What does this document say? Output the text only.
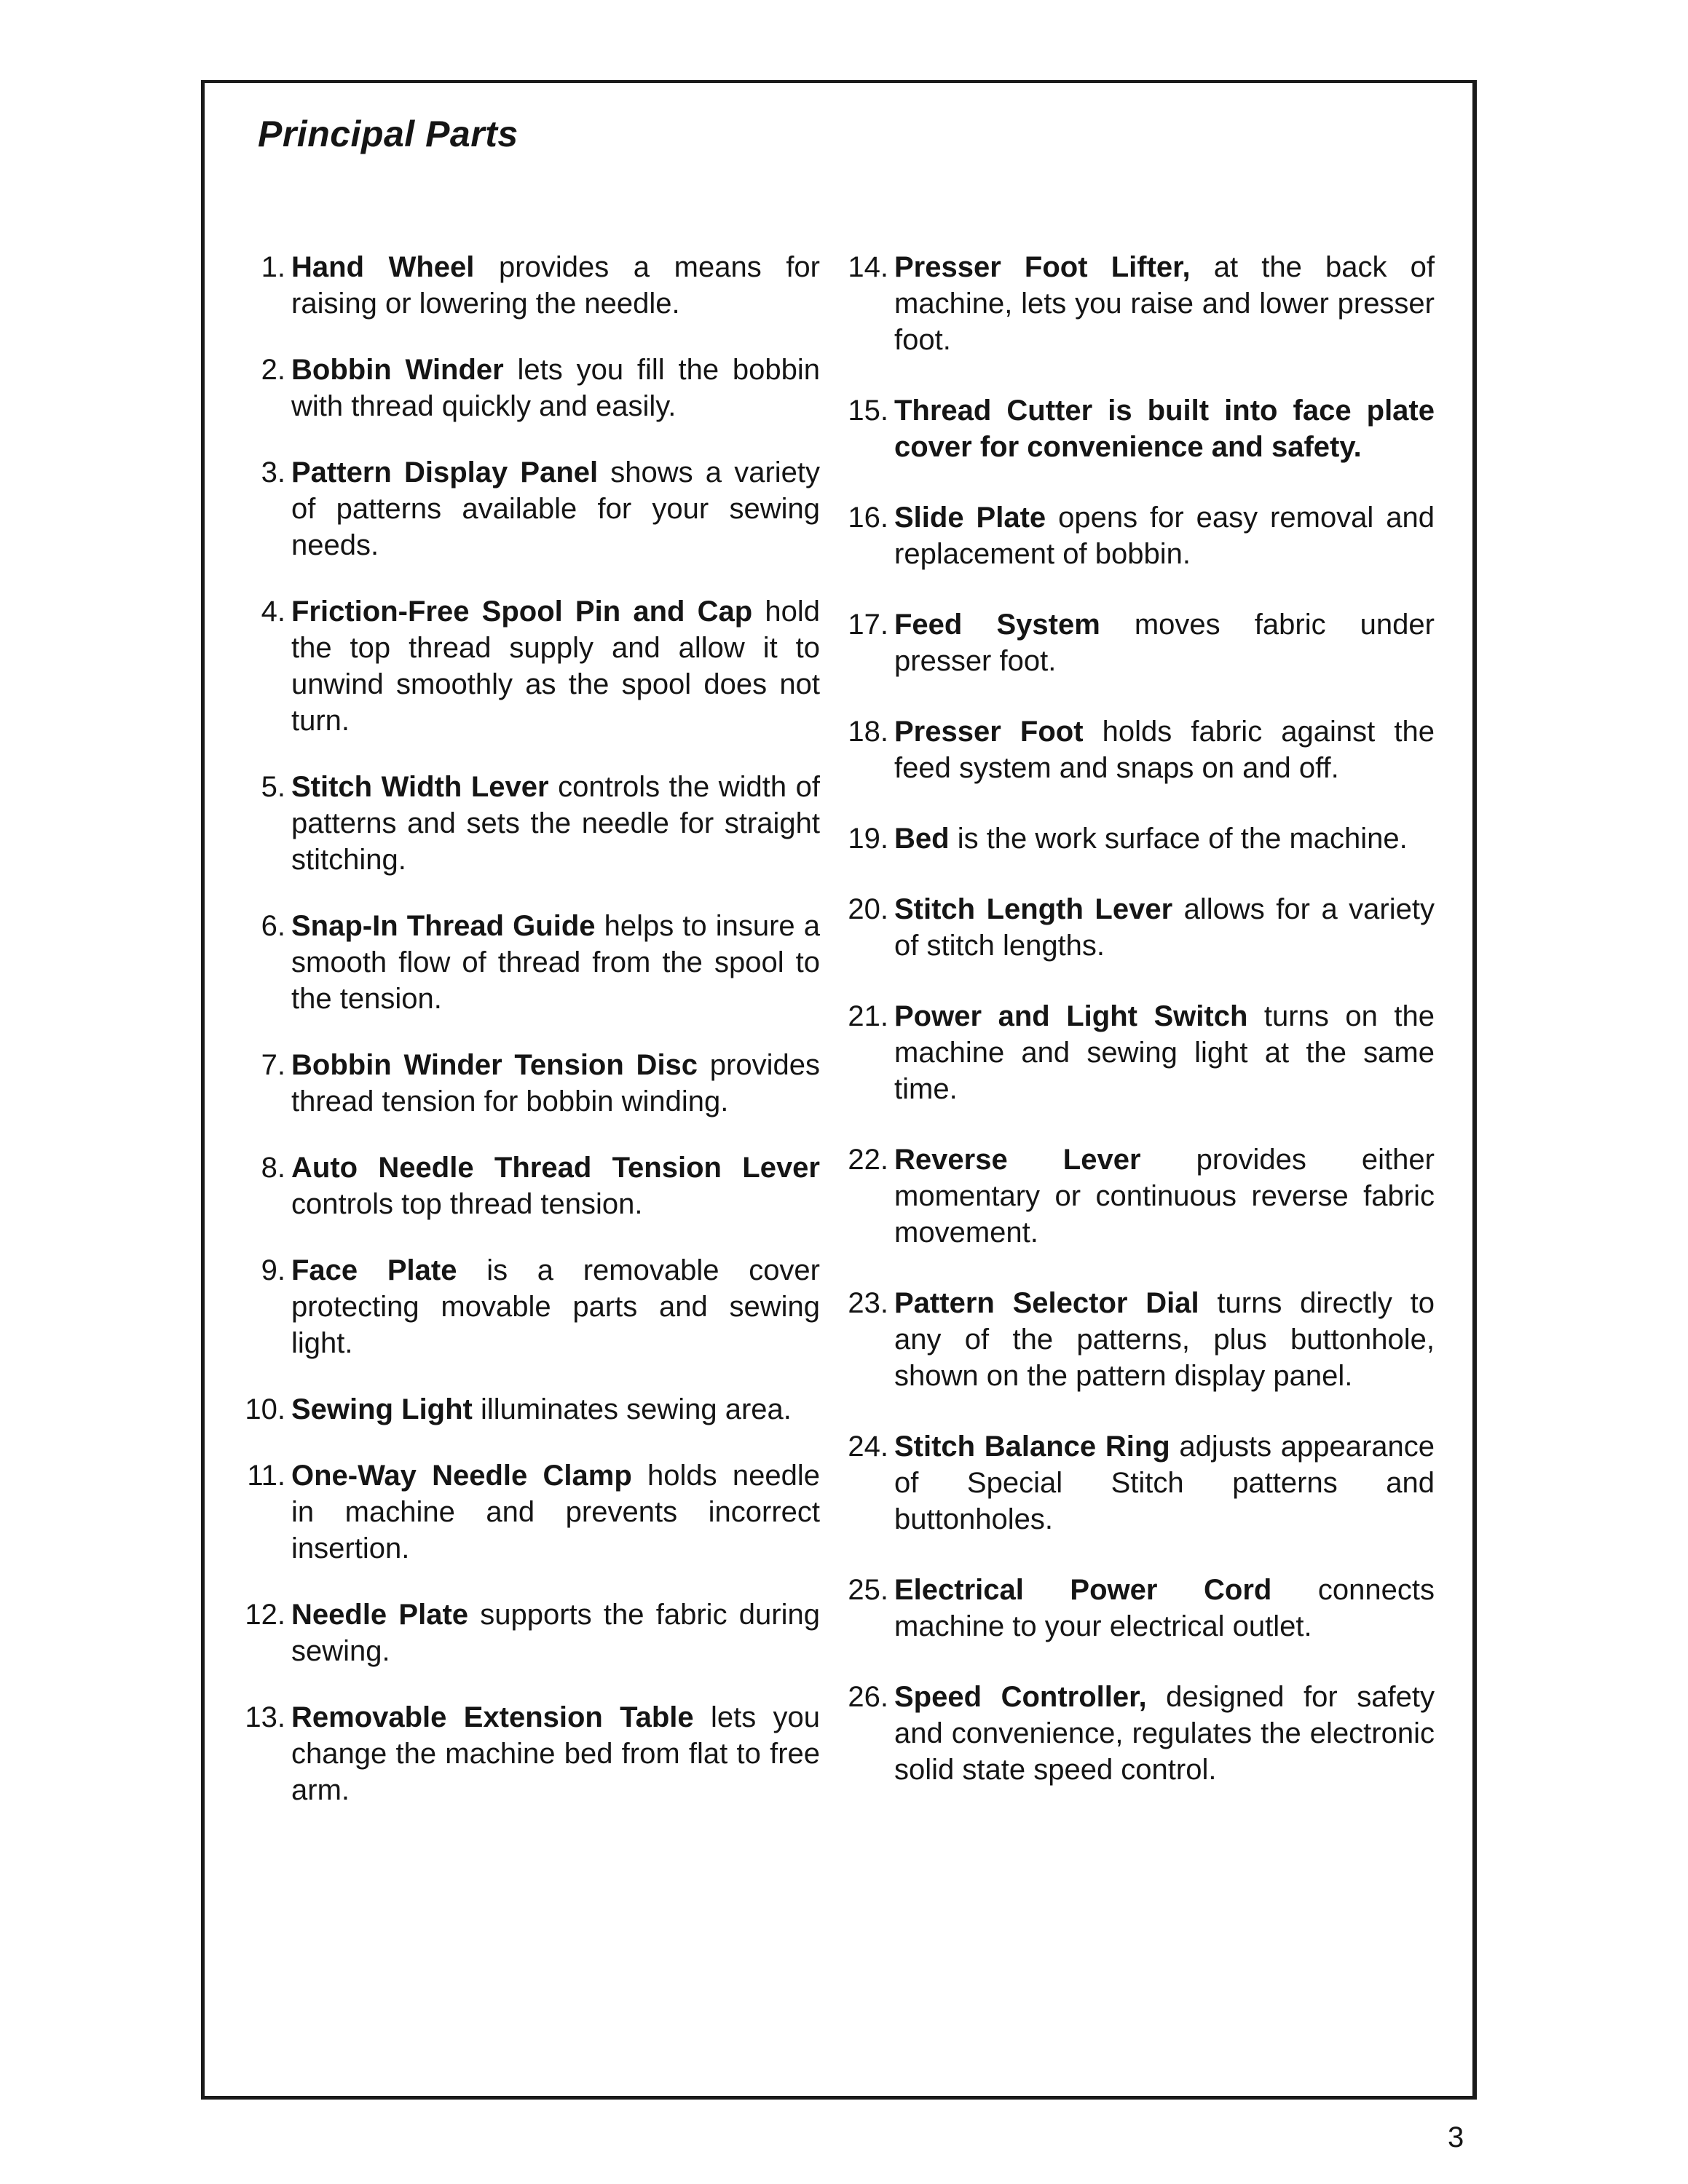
Principal Parts
1. Hand Wheel provides a means for raising or lowering the needle.
2. Bobbin Winder lets you fill the bobbin with thread quickly and easily.
3. Pattern Display Panel shows a variety of patterns available for your sewing needs.
4. Friction-Free Spool Pin and Cap hold the top thread supply and allow it to unwind smoothly as the spool does not turn.
5. Stitch Width Lever controls the width of patterns and sets the needle for straight stitching.
6. Snap-In Thread Guide helps to insure a smooth flow of thread from the spool to the tension.
7. Bobbin Winder Tension Disc provides thread tension for bobbin winding.
8. Auto Needle Thread Tension Lever controls top thread tension.
9. Face Plate is a removable cover protecting movable parts and sewing light.
10. Sewing Light illuminates sewing area.
11. One-Way Needle Clamp holds needle in machine and prevents incorrect insertion.
12. Needle Plate supports the fabric during sewing.
13. Removable Extension Table lets you change the machine bed from flat to free arm.
14. Presser Foot Lifter, at the back of machine, lets you raise and lower presser foot.
15. Thread Cutter is built into face plate cover for convenience and safety.
16. Slide Plate opens for easy removal and replacement of bobbin.
17. Feed System moves fabric under presser foot.
18. Presser Foot holds fabric against the feed system and snaps on and off.
19. Bed is the work surface of the machine.
20. Stitch Length Lever allows for a variety of stitch lengths.
21. Power and Light Switch turns on the machine and sewing light at the same time.
22. Reverse Lever provides either momentary or continuous reverse fabric movement.
23. Pattern Selector Dial turns directly to any of the patterns, plus buttonhole, shown on the pattern display panel.
24. Stitch Balance Ring adjusts appearance of Special Stitch patterns and buttonholes.
25. Electrical Power Cord connects machine to your electrical outlet.
26. Speed Controller, designed for safety and convenience, regulates the electronic solid state speed control.
3
